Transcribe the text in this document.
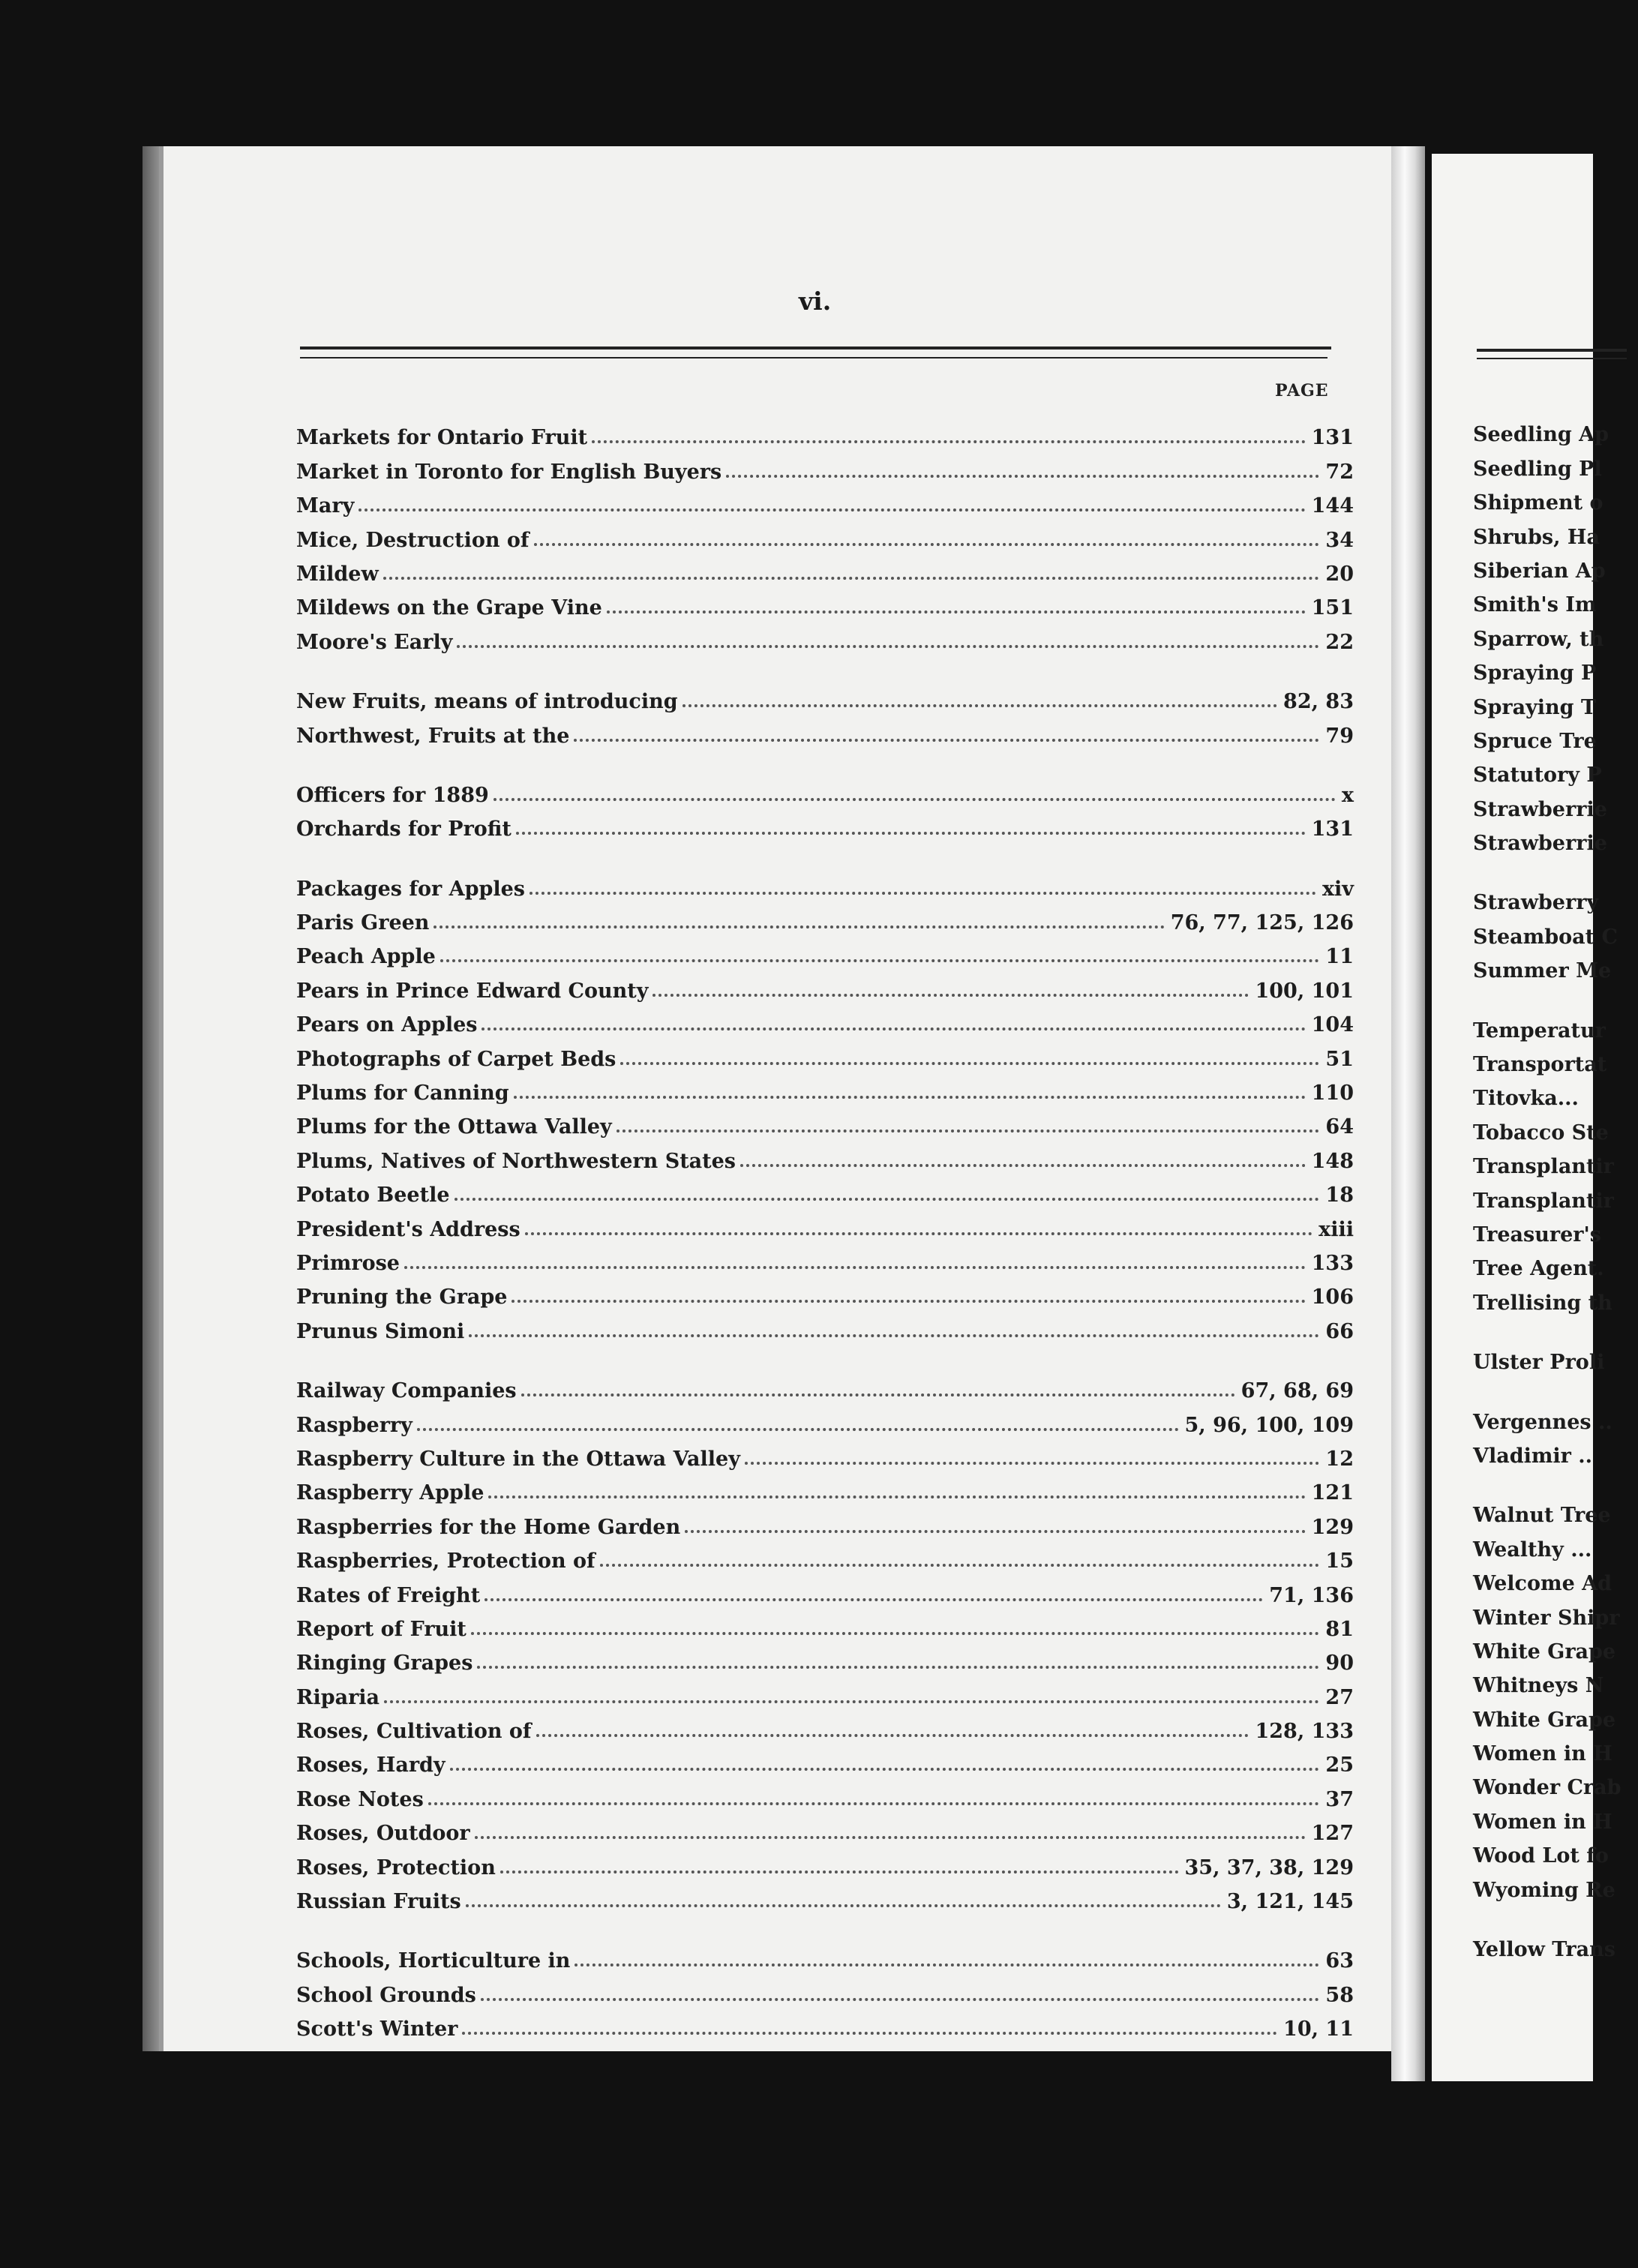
vi.
PAGE
Markets for Ontario Fruit	131
Market in Toronto for English Buyers	72
Mary	144
Mice, Destruction of	34
Mildew	20
Mildews on the Grape Vine	151
Moore's Early	22
New Fruits, means of introducing	82, 83
Northwest, Fruits at the	79
Officers for 1889	x
Orchards for Profit	131
Packages for Apples	xiv
Paris Green	76, 77, 125, 126
Peach Apple	11
Pears in Prince Edward County	100, 101
Pears on Apples	104
Photographs of Carpet Beds	51
Plums for Canning	110
Plums for the Ottawa Valley	64
Plums, Natives of Northwestern States	148
Potato Beetle	18
President's Address	xiii
Primrose	133
Pruning the Grape	106
Prunus Simoni	66
Railway Companies	67, 68, 69
Raspberry	5, 96, 100, 109
Raspberry Culture in the Ottawa Valley	12
Raspberry Apple	121
Raspberries for the Home Garden	129
Raspberries, Protection of	15
Rates of Freight	71, 136
Report of Fruit	81
Ringing Grapes	90
Riparia	27
Roses, Cultivation of	128, 133
Roses, Hardy	25
Rose Notes	37
Roses, Outdoor	127
Roses, Protection	35, 37, 38, 129
Russian Fruits	3, 121, 145
Schools, Horticulture in	63
School Grounds	58
Scott's Winter	10, 11
Seedling Ap
Seedling Pl
Shipment o
Shrubs, Ha
Siberian Ap
Smith's Im
Sparrow, th
Spraying P
Spraying T
Spruce Tre
Statutory P
Strawberrie
Strawberrie
Strawberry
Steamboat C
Summer Me
Temperatur
Transportat
Titovka...
Tobacco Ste
Transplantir
Transplantir
Treasurer's
Tree Agent.
Trellising th
Ulster Proli
Vergennes ..
Vladimir ..
Walnut Tree
Wealthy ...
Welcome Ad
Winter Shipr
White Grape
Whitneys N
White Grape
Women in H
Wonder Crab
Women in H
Wood Lot fo
Wyoming Re
Yellow Trans
